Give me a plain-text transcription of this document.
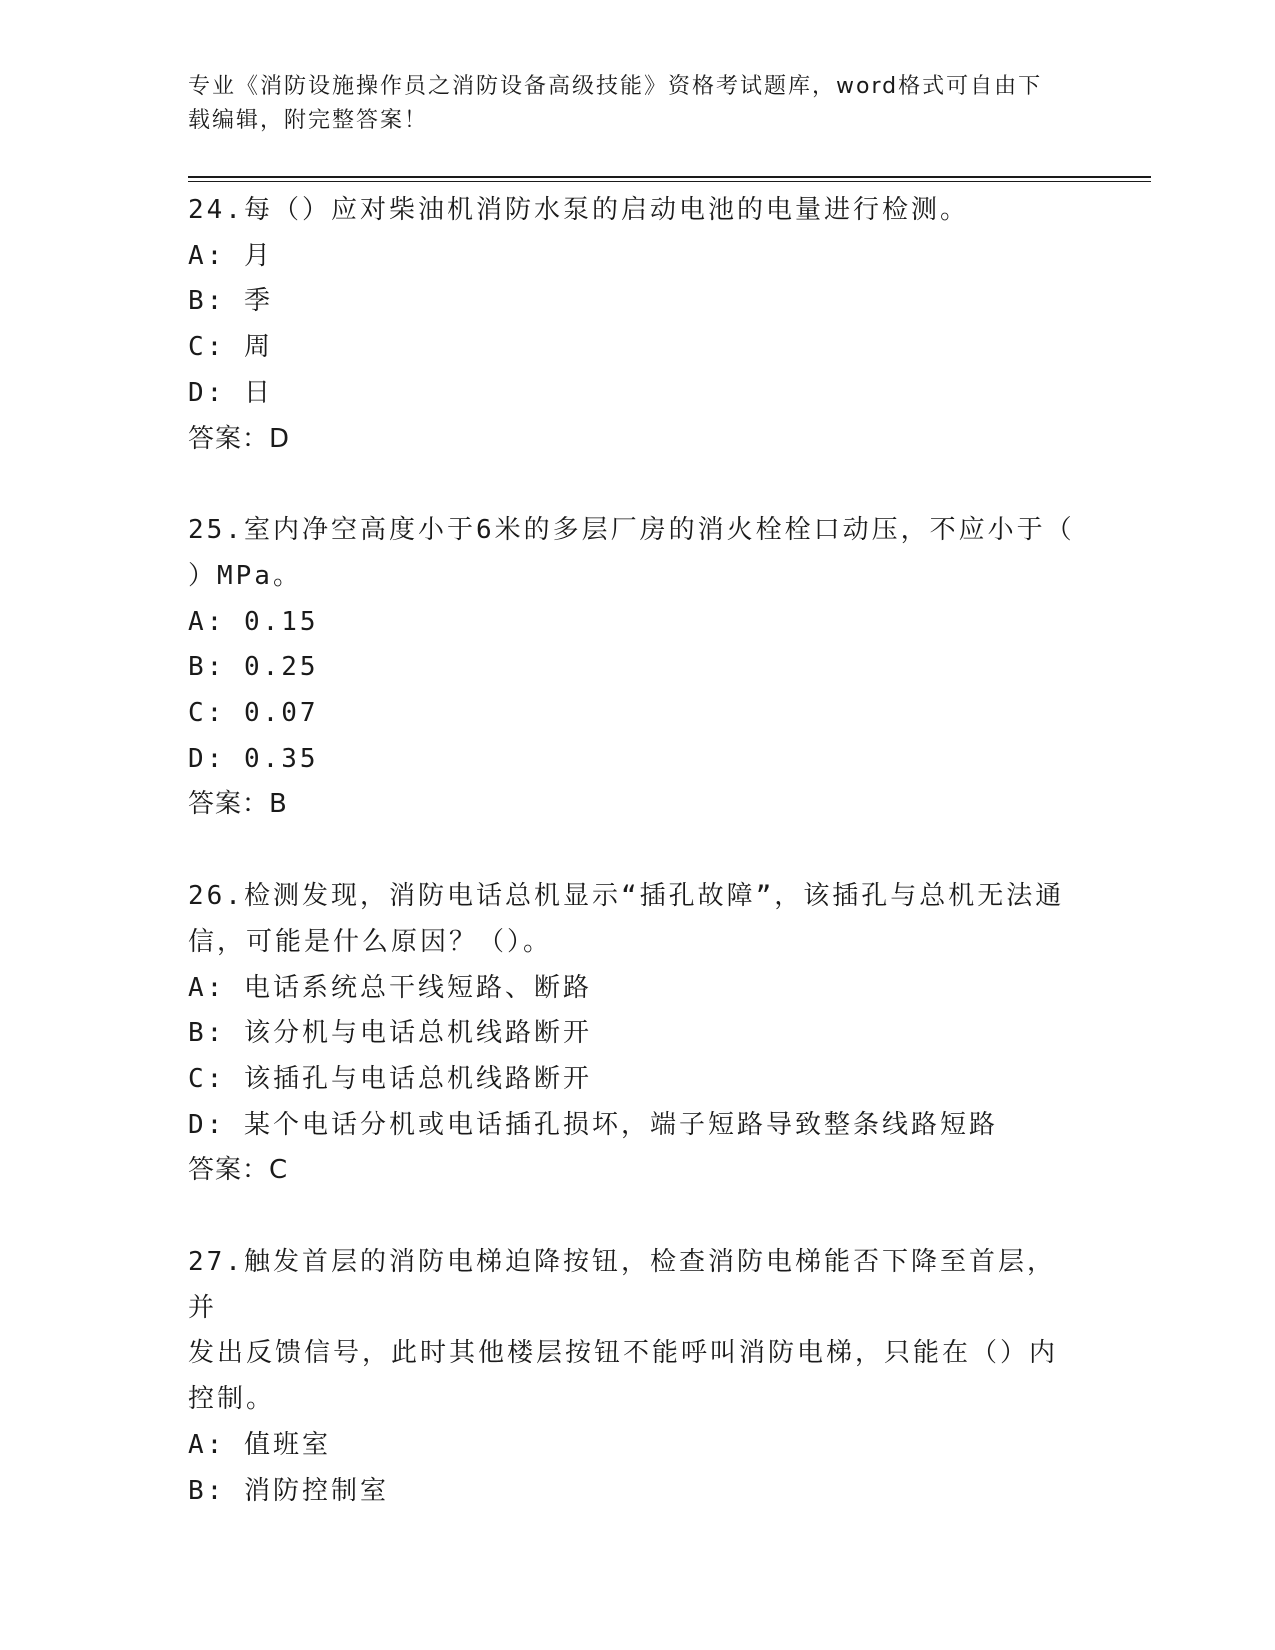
专业《消防设施操作员之消防设备高级技能》资格考试题库，word格式可自由下
载编辑，附完整答案！
24.每（）应对柴油机消防水泵的启动电池的电量进行检测。
A: 月
B: 季
C: 周
D: 日
答案：D
25.室内净空高度小于6米的多层厂房的消火栓栓口动压，不应小于（
）MPa。
A: 0.15
B: 0.25
C: 0.07
D: 0.35
答案：B
26.检测发现，消防电话总机显示“插孔故障”，该插孔与总机无法通
信，可能是什么原因？（）。
A: 电话系统总干线短路、断路
B: 该分机与电话总机线路断开
C: 该插孔与电话总机线路断开
D: 某个电话分机或电话插孔损坏，端子短路导致整条线路短路
答案：C
27.触发首层的消防电梯迫降按钮，检查消防电梯能否下降至首层，并
发出反馈信号，此时其他楼层按钮不能呼叫消防电梯，只能在（）内
控制。
A: 值班室
B: 消防控制室
